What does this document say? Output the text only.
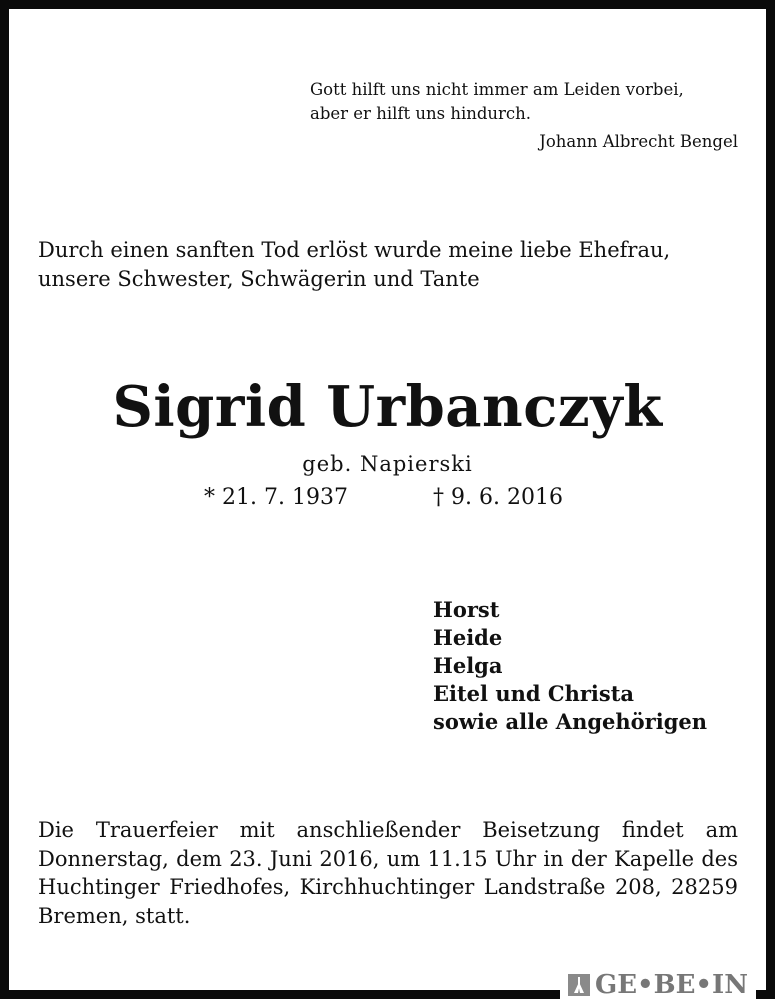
Gott hilft uns nicht immer am Leiden vorbei,
aber er hilft uns hindurch.
Johann Albrecht Bengel
Durch einen sanften Tod erlöst wurde meine liebe Ehefrau,
unsere Schwester, Schwägerin und Tante
Sigrid Urbanczyk
geb. Napierski
* 21. 7. 1937	† 9. 6. 2016
Horst
Heide
Helga
Eitel und Christa
sowie alle Angehörigen
Die Trauerfeier mit anschließender Beisetzung findet am Donnerstag, dem 23. Juni 2016, um 11.15 Uhr in der Kapelle des Huchtinger Friedhofes, Kirchhuchtinger Landstraße 208, 28259 Bremen, statt.
GE•BE•IN
